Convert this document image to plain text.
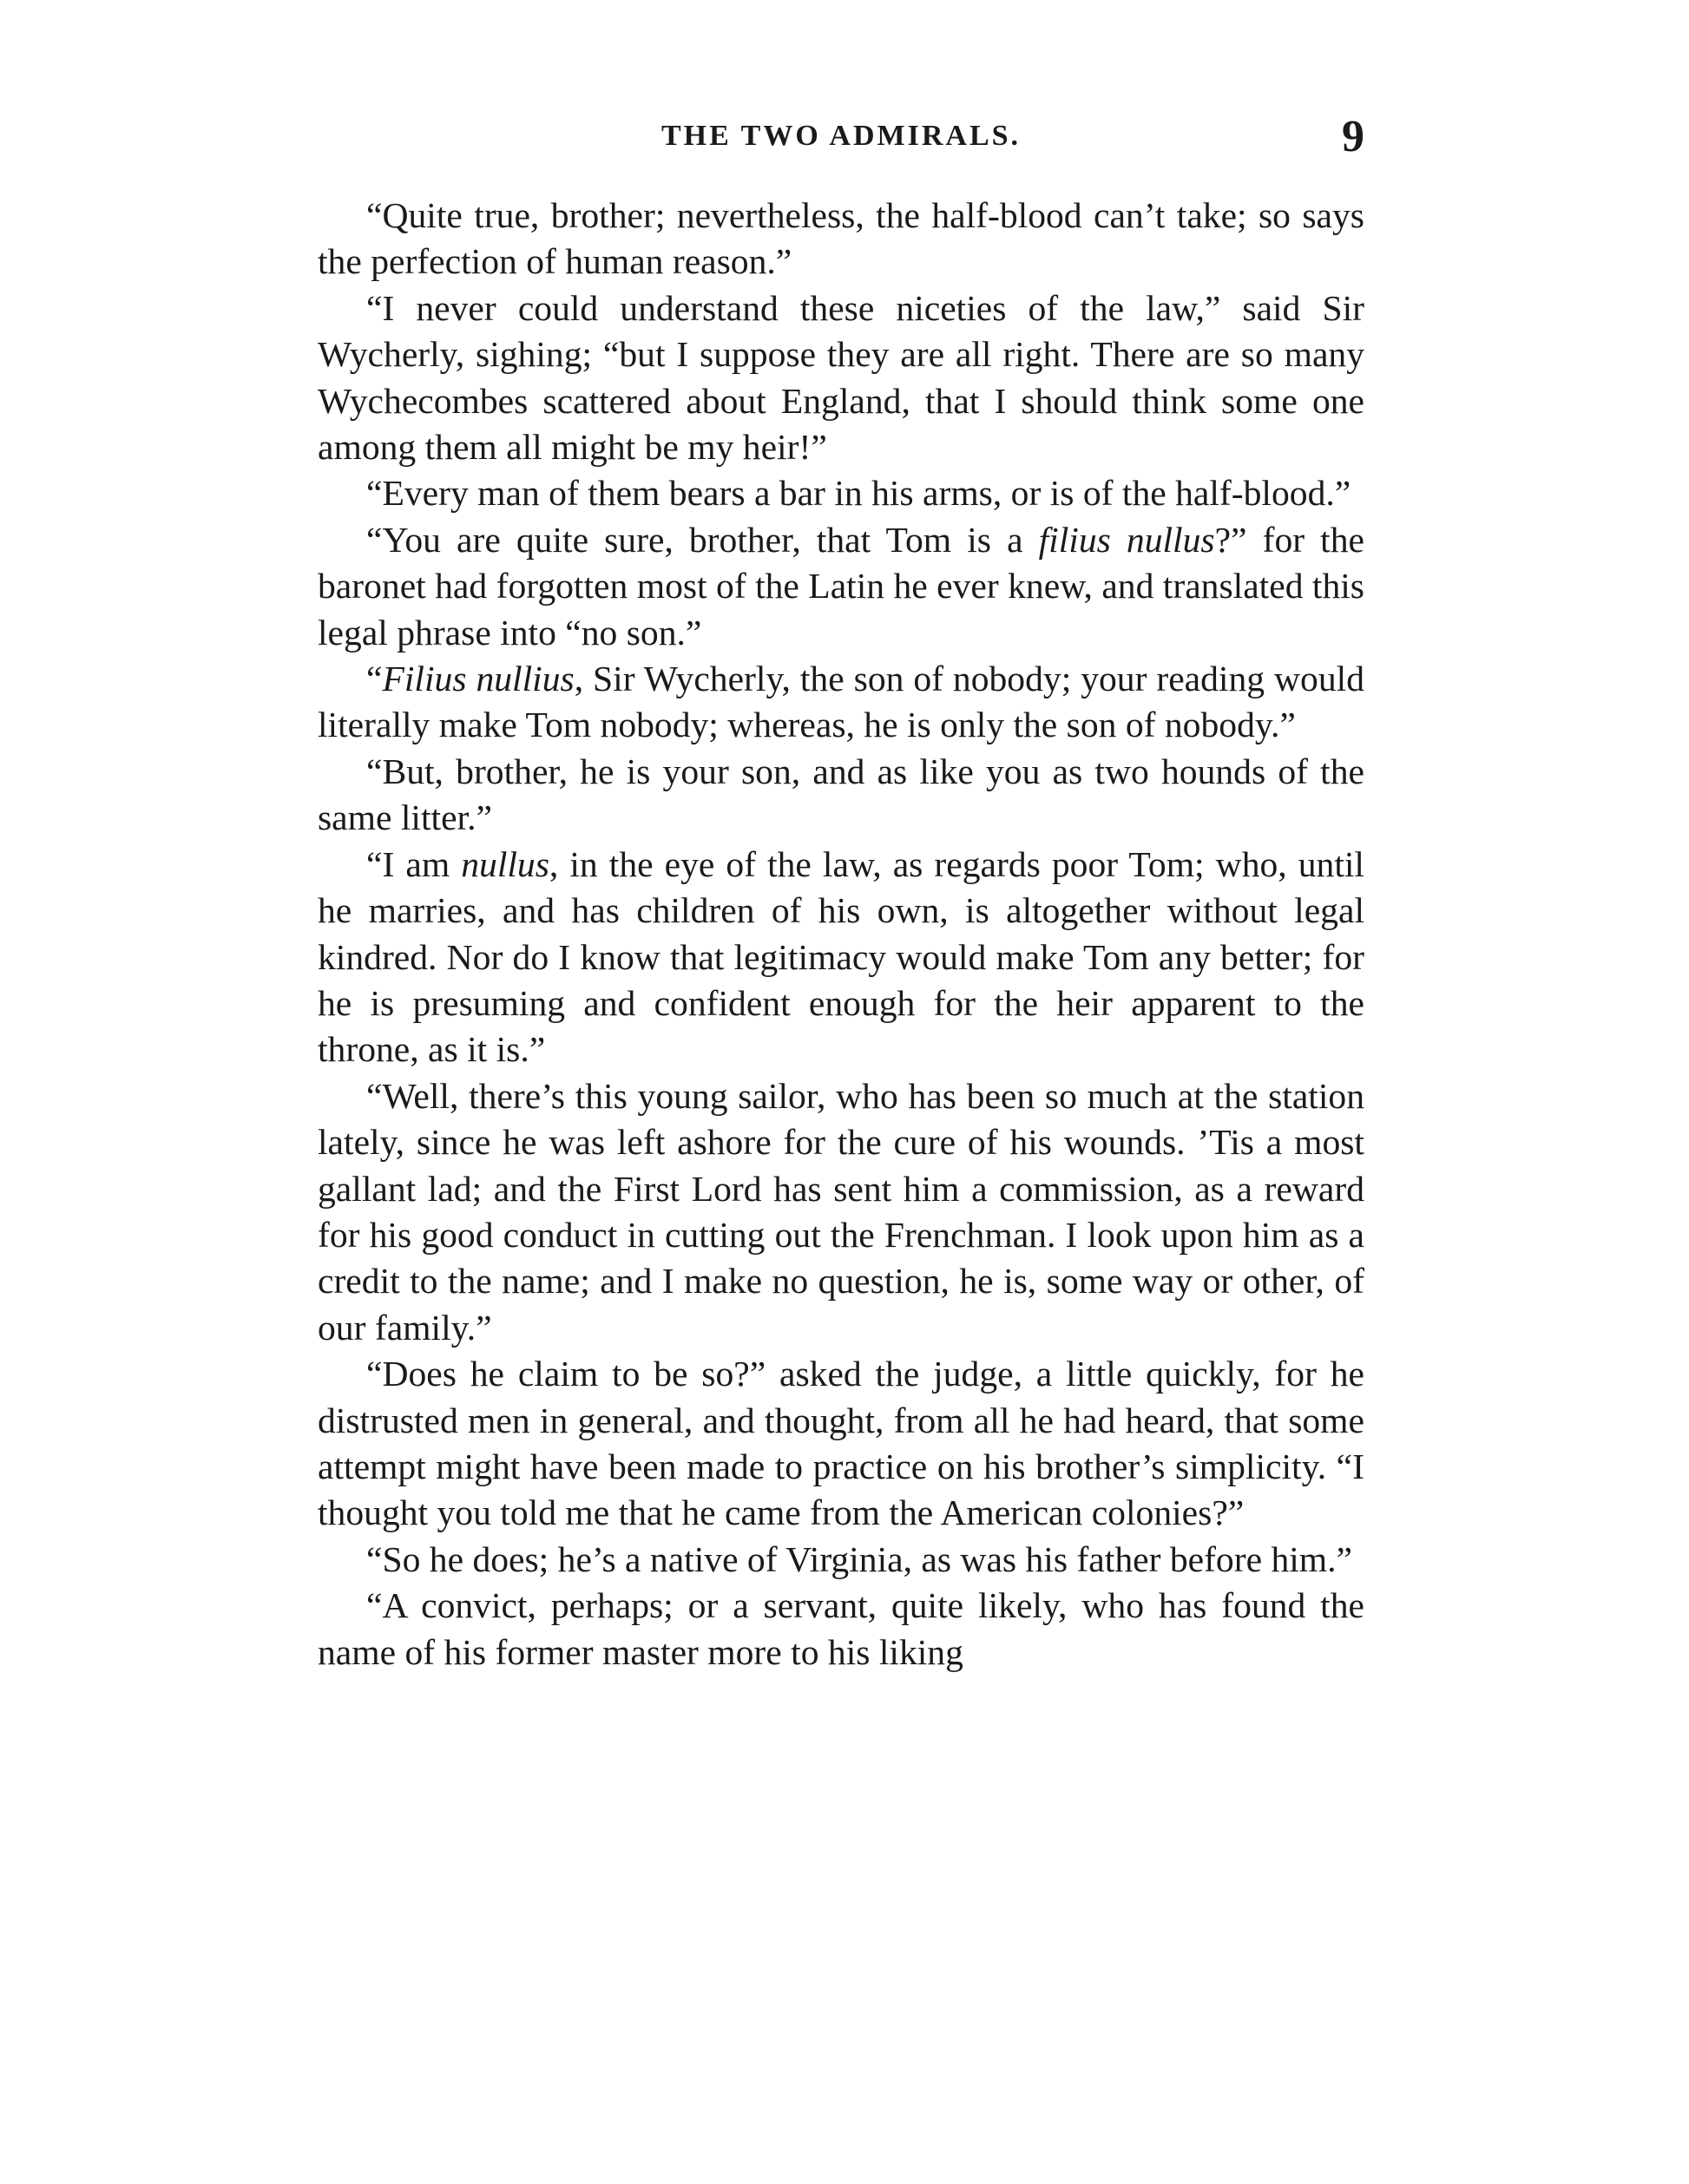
THE TWO ADMIRALS.	9

“Quite true, brother; nevertheless, the half-blood can’t take; so says the perfection of human reason.”

“I never could understand these niceties of the law,” said Sir Wycherly, sighing; “but I suppose they are all right. There are so many Wychecombes scattered about England, that I should think some one among them all might be my heir!”

“Every man of them bears a bar in his arms, or is of the half-blood.”

“You are quite sure, brother, that Tom is a filius nullus?” for the baronet had forgotten most of the Latin he ever knew, and translated this legal phrase into “no son.”

“Filius nullius, Sir Wycherly, the son of nobody; your reading would literally make Tom nobody; whereas, he is only the son of nobody.”

“But, brother, he is your son, and as like you as two hounds of the same litter.”

“I am nullus, in the eye of the law, as regards poor Tom; who, until he marries, and has children of his own, is altogether without legal kindred. Nor do I know that legitimacy would make Tom any better; for he is presuming and confident enough for the heir apparent to the throne, as it is.”

“Well, there’s this young sailor, who has been so much at the station lately, since he was left ashore for the cure of his wounds. ’Tis a most gallant lad; and the First Lord has sent him a commission, as a reward for his good conduct in cutting out the Frenchman. I look upon him as a credit to the name; and I make no question, he is, some way or other, of our family.”

“Does he claim to be so?” asked the judge, a little quickly, for he distrusted men in general, and thought, from all he had heard, that some attempt might have been made to practice on his brother’s simplicity. “I thought you told me that he came from the American colonies?”

“So he does; he’s a native of Virginia, as was his father before him.”

“A convict, perhaps; or a servant, quite likely, who has found the name of his former master more to his liking
